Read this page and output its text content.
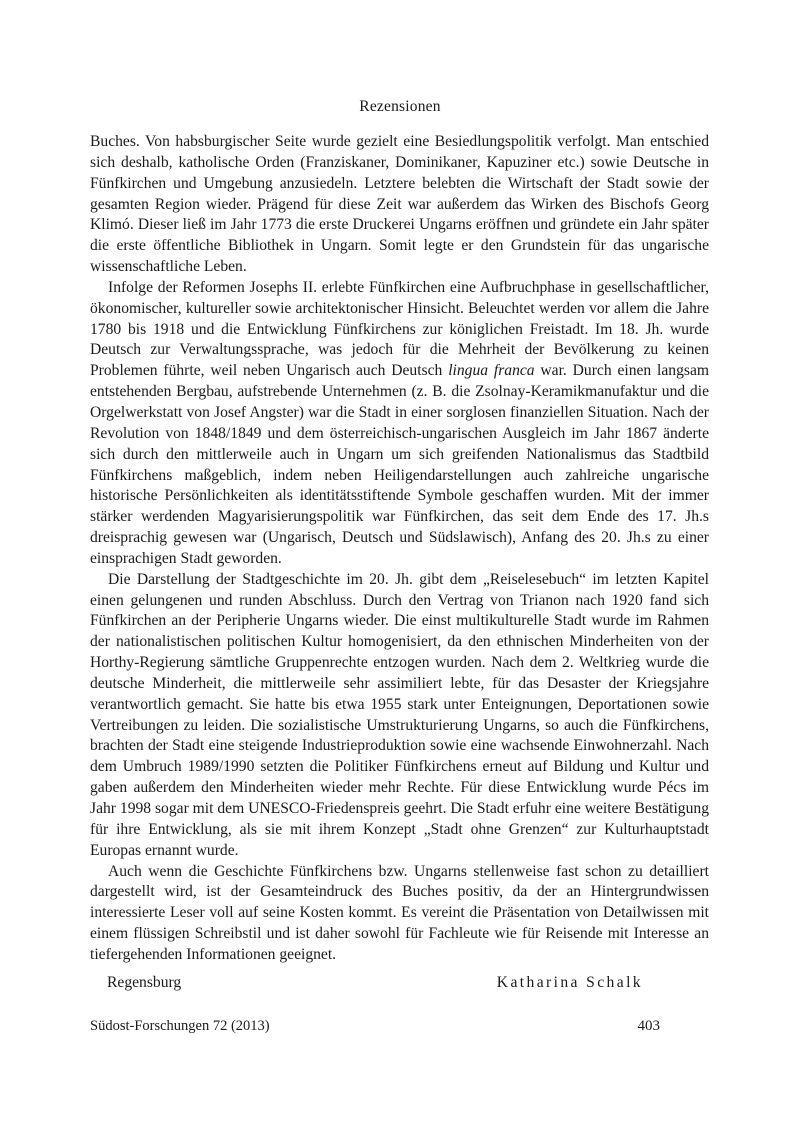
Rezensionen

Buches. Von habsburgischer Seite wurde gezielt eine Besiedlungspolitik verfolgt. Man entschied sich deshalb, katholische Orden (Franziskaner, Dominikaner, Kapuziner etc.) sowie Deutsche in Fünfkirchen und Umgebung anzusiedeln. Letztere belebten die Wirtschaft der Stadt sowie der gesamten Region wieder. Prägend für diese Zeit war außerdem das Wirken des Bischofs Georg Klimó. Dieser ließ im Jahr 1773 die erste Druckerei Ungarns eröffnen und gründete ein Jahr später die erste öffentliche Bibliothek in Ungarn. Somit legte er den Grundstein für das ungarische wissenschaftliche Leben.

Infolge der Reformen Josephs II. erlebte Fünfkirchen eine Aufbruchphase in gesellschaftlicher, ökonomischer, kultureller sowie architektonischer Hinsicht. Beleuchtet werden vor allem die Jahre 1780 bis 1918 und die Entwicklung Fünfkirchens zur königlichen Freistadt. Im 18. Jh. wurde Deutsch zur Verwaltungssprache, was jedoch für die Mehrheit der Bevölkerung zu keinen Problemen führte, weil neben Ungarisch auch Deutsch lingua franca war. Durch einen langsam entstehenden Bergbau, aufstrebende Unternehmen (z. B. die Zsolnay-Keramikmanufaktur und die Orgelwerkstatt von Josef Angster) war die Stadt in einer sorglosen finanziellen Situation. Nach der Revolution von 1848/1849 und dem österreichisch-ungarischen Ausgleich im Jahr 1867 änderte sich durch den mittlerweile auch in Ungarn um sich greifenden Nationalismus das Stadtbild Fünfkirchens maßgeblich, indem neben Heiligendarstellungen auch zahlreiche ungarische historische Persönlichkeiten als identitätsstiftende Symbole geschaffen wurden. Mit der immer stärker werdenden Magyarisierungspolitik war Fünfkirchen, das seit dem Ende des 17. Jh.s dreisprachig gewesen war (Ungarisch, Deutsch und Südslawisch), Anfang des 20. Jh.s zu einer einsprachigen Stadt geworden.

Die Darstellung der Stadtgeschichte im 20. Jh. gibt dem „Reiselesebuch“ im letzten Kapitel einen gelungenen und runden Abschluss. Durch den Vertrag von Trianon nach 1920 fand sich Fünfkirchen an der Peripherie Ungarns wieder. Die einst multikulturelle Stadt wurde im Rahmen der nationalistischen politischen Kultur homogenisiert, da den ethnischen Minderheiten von der Horthy-Regierung sämtliche Gruppenrechte entzogen wurden. Nach dem 2. Weltkrieg wurde die deutsche Minderheit, die mittlerweile sehr assimiliert lebte, für das Desaster der Kriegsjahre verantwortlich gemacht. Sie hatte bis etwa 1955 stark unter Enteignungen, Deportationen sowie Vertreibungen zu leiden. Die sozialistische Umstrukturierung Ungarns, so auch die Fünfkirchens, brachten der Stadt eine steigende Industrieproduktion sowie eine wachsende Einwohnerzahl. Nach dem Umbruch 1989/1990 setzten die Politiker Fünfkirchens erneut auf Bildung und Kultur und gaben außerdem den Minderheiten wieder mehr Rechte. Für diese Entwicklung wurde Pécs im Jahr 1998 sogar mit dem UNESCO-Friedenspreis geehrt. Die Stadt erfuhr eine weitere Bestätigung für ihre Entwicklung, als sie mit ihrem Konzept „Stadt ohne Grenzen“ zur Kulturhauptstadt Europas ernannt wurde.

Auch wenn die Geschichte Fünfkirchens bzw. Ungarns stellenweise fast schon zu detailliert dargestellt wird, ist der Gesamteindruck des Buches positiv, da der an Hintergrundwissen interessierte Leser voll auf seine Kosten kommt. Es vereint die Präsentation von Detailwissen mit einem flüssigen Schreibstil und ist daher sowohl für Fachleute wie für Reisende mit Interesse an tiefergehenden Informationen geeignet.

Regensburg	Katharina Schalk
Südost-Forschungen 72 (2013)	403
